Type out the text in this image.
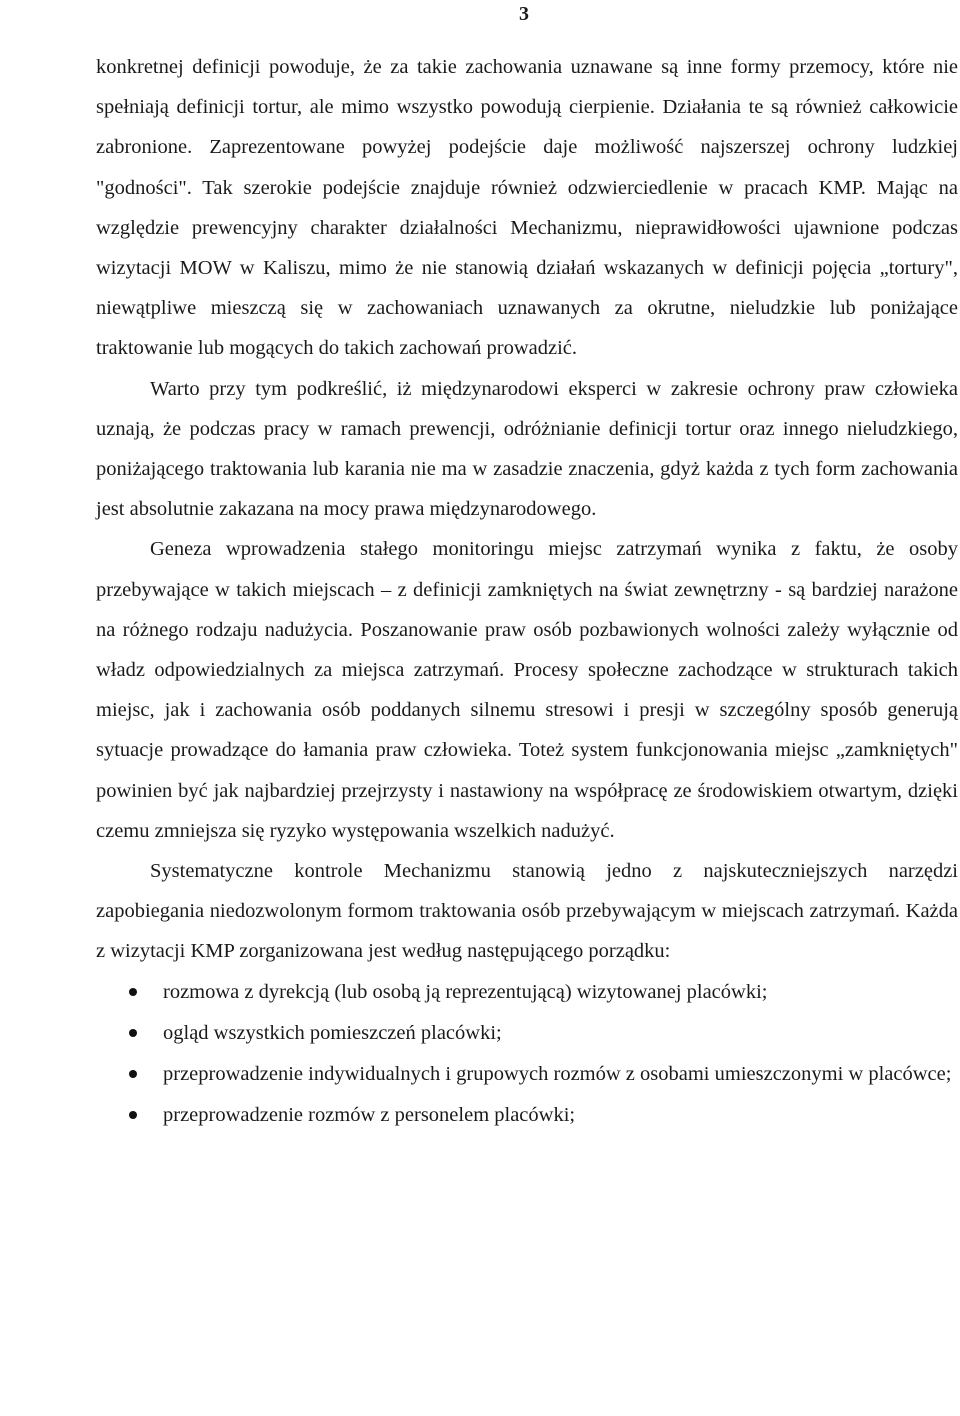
3

konkretnej definicji powoduje, że za takie zachowania uznawane są inne formy przemocy, które nie spełniają definicji tortur, ale mimo wszystko powodują cierpienie. Działania te są również całkowicie zabronione. Zaprezentowane powyżej podejście daje możliwość najszerszej ochrony ludzkiej "godności". Tak szerokie podejście znajduje również odzwierciedlenie w pracach KMP. Mając na względzie prewencyjny charakter działalności Mechanizmu, nieprawidłowości ujawnione podczas wizytacji MOW w Kaliszu, mimo że nie stanowią działań wskazanych w definicji pojęcia „tortury", niewątpliwe mieszczą się w zachowaniach uznawanych za okrutne, nieludzkie lub poniżające traktowanie lub mogących do takich zachowań prowadzić.

Warto przy tym podkreślić, iż międzynarodowi eksperci w zakresie ochrony praw człowieka uznają, że podczas pracy w ramach prewencji, odróżnianie definicji tortur oraz innego nieludzkiego, poniżającego traktowania lub karania nie ma w zasadzie znaczenia, gdyż każda z tych form zachowania jest absolutnie zakazana na mocy prawa międzynarodowego.

Geneza wprowadzenia stałego monitoringu miejsc zatrzymań wynika z faktu, że osoby przebywające w takich miejscach – z definicji zamkniętych na świat zewnętrzny - są bardziej narażone na różnego rodzaju nadużycia. Poszanowanie praw osób pozbawionych wolności zależy wyłącznie od władz odpowiedzialnych za miejsca zatrzymań. Procesy społeczne zachodzące w strukturach takich miejsc, jak i zachowania osób poddanych silnemu stresowi i presji w szczególny sposób generują sytuacje prowadzące do łamania praw człowieka. Toteż system funkcjonowania miejsc „zamkniętych" powinien być jak najbardziej przejrzysty i nastawiony na współpracę ze środowiskiem otwartym, dzięki czemu zmniejsza się ryzyko występowania wszelkich nadużyć.

Systematyczne kontrole Mechanizmu stanowią jedno z najskuteczniejszych narzędzi zapobiegania niedozwolonym formom traktowania osób przebywającym w miejscach zatrzymań. Każda z wizytacji KMP zorganizowana jest według następującego porządku:

rozmowa z dyrekcją (lub osobą ją reprezentującą) wizytowanej placówki;
ogląd wszystkich pomieszczeń placówki;
przeprowadzenie indywidualnych i grupowych rozmów z osobami umieszczonymi w placówce;
przeprowadzenie rozmów z personelem placówki;
